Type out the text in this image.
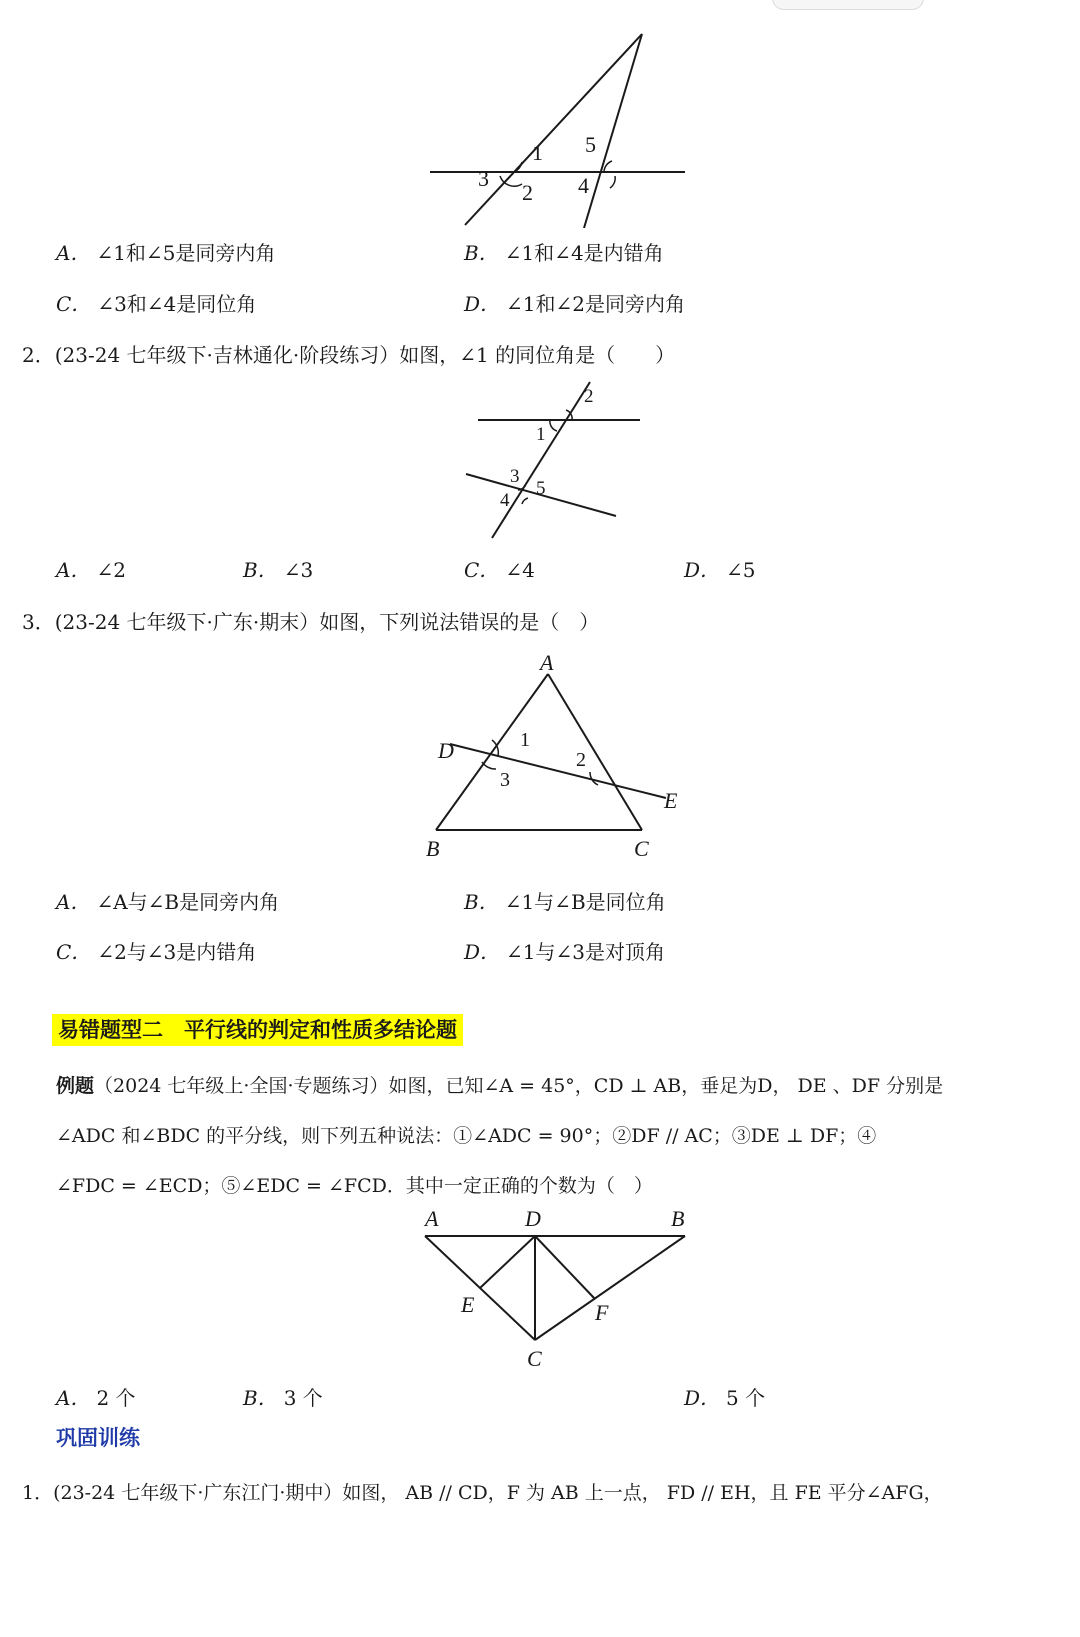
1
2
3	4
5
A． ∠1和∠5是同旁内角	B． ∠1和∠4是内错角
C． ∠3和∠4是同位角	D． ∠1和∠2是同旁内角
2．(23-24 七年级下·吉林通化·阶段练习）如图，∠1 的同位角是（　　）
1
2
3
4
5
A． ∠2	B． ∠3	C． ∠4	D． ∠5
3．(23-24 七年级下·广东·期末）如图，下列说法错误的是（　）
A
B	C
D
E
1
2
3
A． ∠A与∠B是同旁内角	B． ∠1与∠B是同位角
C． ∠2与∠3是内错角	D． ∠1与∠3是对顶角
易错题型二　平行线的判定和性质多结论题
例题（2024 七年级上·全国·专题练习）如图，已知∠A = 45°，CD ⊥ AB，垂足为D， DE 、DF 分别是
∠ADC 和∠BDC 的平分线，则下列五种说法：①∠ADC = 90°；②DF // AC；③DE ⊥ DF；④
∠FDC = ∠ECD；⑤∠EDC = ∠FCD．其中一定正确的个数为（　）
A	D	B
E	F
C
A． 2 个	B． 3 个	D． 5 个
巩固训练
1．(23-24 七年级下·广东江门·期中）如图， AB // CD，F 为 AB 上一点， FD // EH，且 FE 平分∠AFG，
